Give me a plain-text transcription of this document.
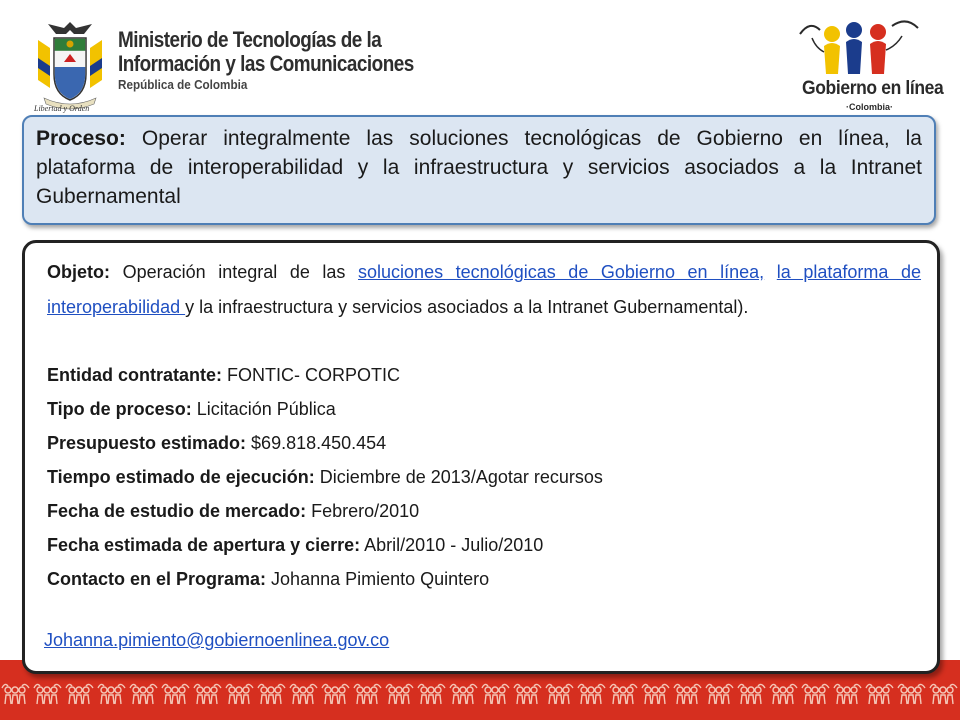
Libertad y Orden
Ministerio de Tecnologías de la
Información y las Comunicaciones
República de Colombia	Gobierno en línea
·Colombia·

Proceso: Operar integralmente las soluciones tecnológicas de Gobierno en línea, la plataforma de interoperabilidad y la infraestructura y servicios asociados a la Intranet Gubernamental

Objeto: Operación integral de las soluciones tecnológicas de Gobierno en línea, la plataforma de interoperabilidad y la infraestructura y servicios asociados a la Intranet Gubernamental).

Entidad contratante: FONTIC- CORPOTIC
Tipo de proceso: Licitación Pública
Presupuesto estimado: $69.818.450.454
Tiempo estimado de ejecución: Diciembre de 2013/Agotar recursos
Fecha de estudio de mercado: Febrero/2010
Fecha estimada de apertura y cierre: Abril/2010 - Julio/2010
Contacto en el Programa: Johanna Pimiento Quintero
Johanna.pimiento@gobiernoenlinea.gov.co
